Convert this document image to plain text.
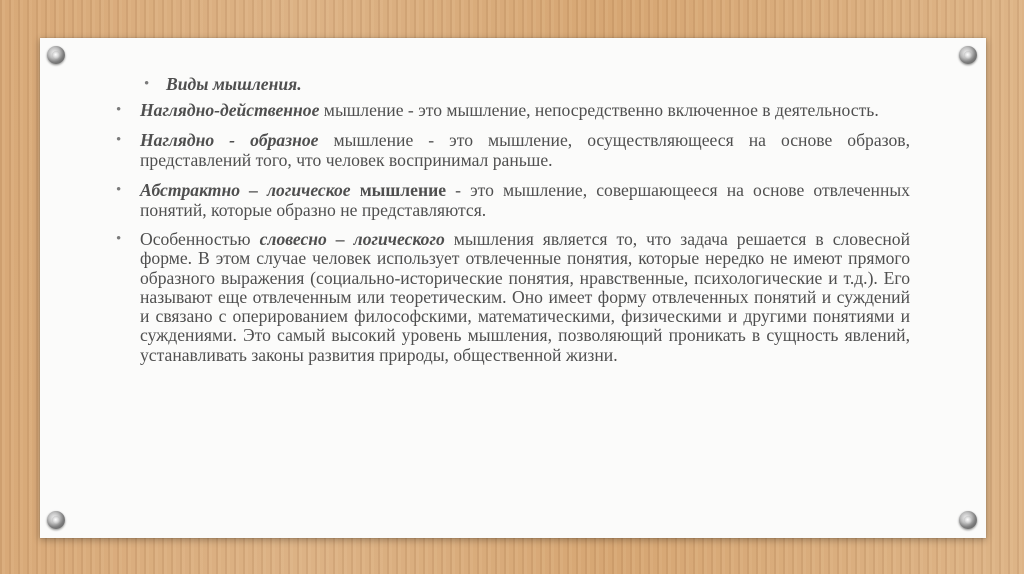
• Виды мышления.
• Наглядно-действенное мышление - это мышление, непосредственно включенное в деятельность.
• Наглядно - образное мышление - это мышление, осуществляющееся на основе образов, представлений того, что человек воспринимал раньше.
• Абстрактно – логическое мышление - это мышление, совершающееся на основе отвлеченных понятий, которые образно не представляются.
• Особенностью словесно – логического мышления является то, что задача решается в словесной форме. В этом случае человек использует отвлеченные понятия, которые нередко не имеют прямого образного выражения (социально-исторические понятия, нравственные, психологические и т.д.). Его называют еще отвлеченным или теоретическим. Оно имеет форму отвлеченных понятий и суждений и связано с оперированием философскими, математическими, физическими и другими понятиями и суждениями. Это самый высокий уровень мышления, позволяющий проникать в сущность явлений, устанавливать законы развития природы, общественной жизни.
